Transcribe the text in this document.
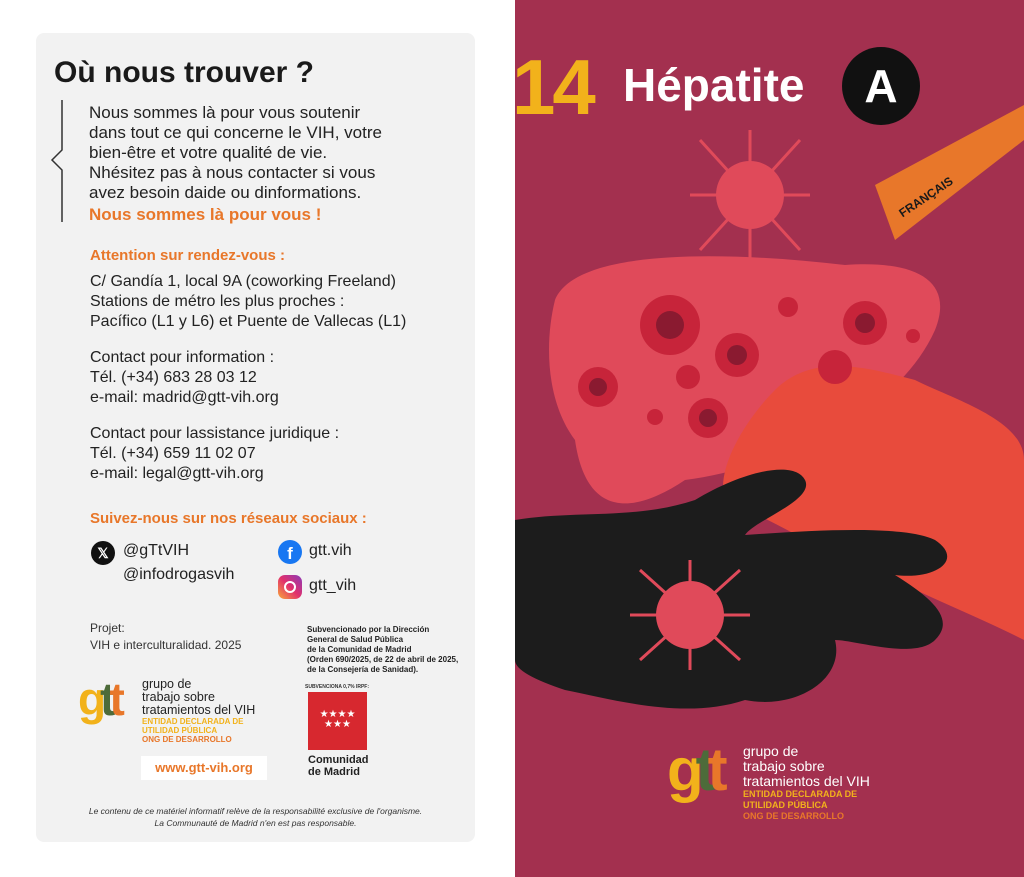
Où nous trouver ?
Nous sommes là pour vous soutenir
dans tout ce qui concerne le VIH, votre
bien-être et votre qualité de vie.
Nhésitez pas à nous contacter si vous
avez besoin daide ou dinformations.
Nous sommes là pour vous !
Attention sur rendez-vous :
C/ Gandía 1, local 9A (coworking Freeland)
Stations de métro les plus proches :
Pacífico (L1 y L6) et Puente de Vallecas (L1)
Contact pour information :
Tél. (+34) 683 28 03 12
e-mail: madrid@gtt-vih.org
Contact pour lassistance juridique :
Tél. (+34) 659 11 02 07
e-mail: legal@gtt-vih.org
Suivez-nous sur nos réseaux sociaux :
𝕏 @gTtVIH
@infodrogasvih
f	gtt.vih
gtt_vih
Projet:
VIH e interculturalidad. 2025
Subvencionado por la Dirección
General de Salud Pública
de la Comunidad de Madrid
(Orden 690/2025, de 22 de abril de 2025,
de la Consejería de Sanidad).
SUBVENCIONA 0,7% IRPF:
★★★★
★★★
Comunidad
de Madrid
gtt grupo de
trabajo sobre
tratamientos del VIH
ENTIDAD DECLARADA DE
UTILIDAD PÚBLICA
ONG DE DESARROLLO
www.gtt-vih.org
Le contenu de ce matériel informatif relève de la responsabilité exclusive de l'organisme.
La Communauté de Madrid n'en est pas responsable.
14 Hépatite	A
FRANÇAIS
gtt grupo de
trabajo sobre
tratamientos del VIH
ENTIDAD DECLARADA DE
UTILIDAD PÚBLICA
ONG DE DESARROLLO
